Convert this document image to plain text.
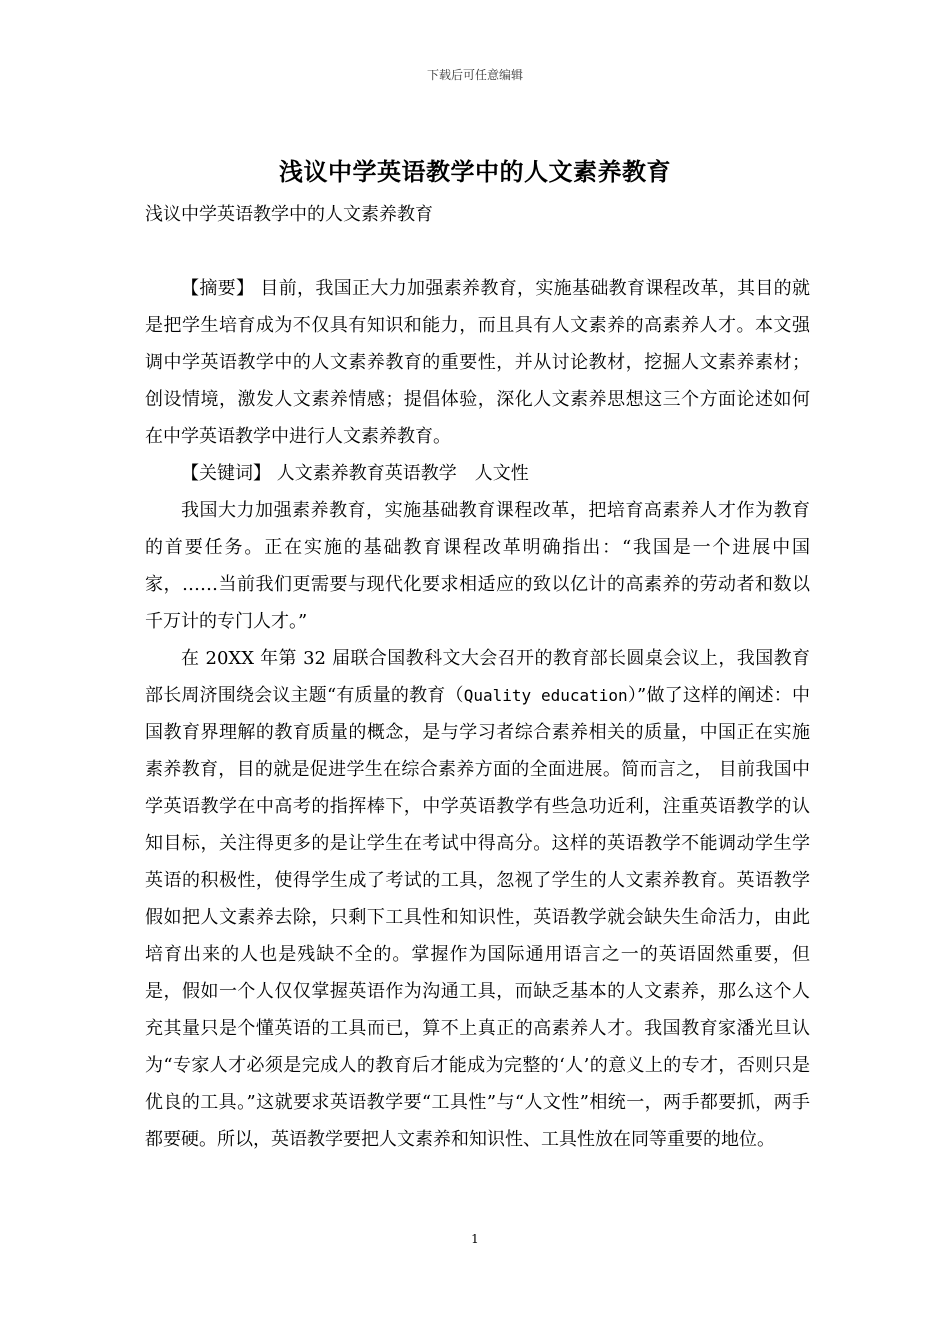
下载后可任意编辑
浅议中学英语教学中的人文素养教育
浅议中学英语教学中的人文素养教育

【摘要】 目前，我国正大力加强素养教育，实施基础教育课程改革，其目的就是把学生培育成为不仅具有知识和能力，而且具有人文素养的高素养人才。本文强调中学英语教学中的人文素养教育的重要性，并从讨论教材，挖掘人文素养素材；创设情境，激发人文素养情感；提倡体验，深化人文素养思想这三个方面论述如何在中学英语教学中进行人文素养教育。

【关键词】 人文素养教育英语教学　人文性

我国大力加强素养教育，实施基础教育课程改革，把培育高素养人才作为教育的首要任务。正在实施的基础教育课程改革明确指出：“我国是一个进展中国家，……当前我们更需要与现代化要求相适应的致以亿计的高素养的劳动者和数以千万计的专门人才。”

在 20XX 年第 32 届联合国教科文大会召开的教育部长圆桌会议上，我国教育部长周济围绕会议主题“有质量的教育（Quality education）”做了这样的阐述：中国教育界理解的教育质量的概念，是与学习者综合素养相关的质量，中国正在实施素养教育，目的就是促进学生在综合素养方面的全面进展。简而言之， 目前我国中学英语教学在中高考的指挥棒下，中学英语教学有些急功近利，注重英语教学的认知目标，关注得更多的是让学生在考试中得高分。这样的英语教学不能调动学生学英语的积极性，使得学生成了考试的工具，忽视了学生的人文素养教育。英语教学假如把人文素养去除，只剩下工具性和知识性，英语教学就会缺失生命活力，由此培育出来的人也是残缺不全的。掌握作为国际通用语言之一的英语固然重要，但是，假如一个人仅仅掌握英语作为沟通工具，而缺乏基本的人文素养，那么这个人充其量只是个懂英语的工具而已，算不上真正的高素养人才。我国教育家潘光旦认为“专家人才必须是完成人的教育后才能成为完整的‘人’的意义上的专才，否则只是优良的工具。”这就要求英语教学要“工具性”与“人文性”相统一，两手都要抓，两手都要硬。所以，英语教学要把人文素养和知识性、工具性放在同等重要的地位。

1
